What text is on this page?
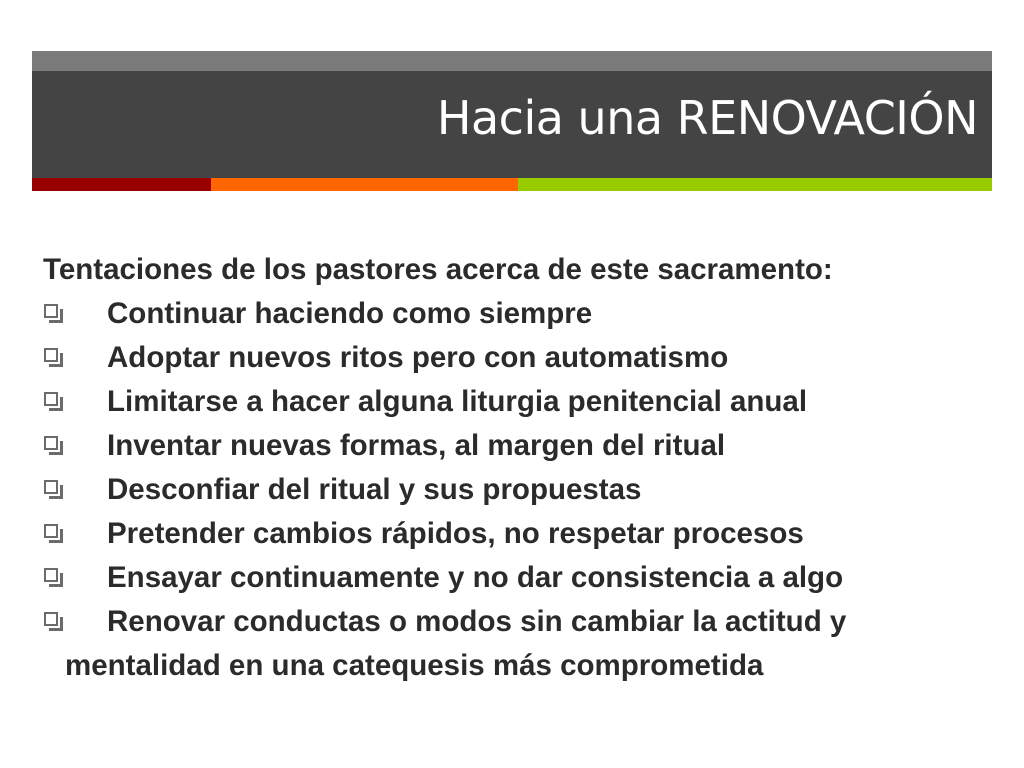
Hacia una RENOVACIÓN

Tentaciones de los pastores acerca de este sacramento:

Continuar haciendo como siempre
Adoptar nuevos ritos pero con automatismo
Limitarse a hacer alguna liturgia penitencial anual
Inventar nuevas formas, al margen del ritual
Desconfiar del ritual y sus propuestas
Pretender cambios rápidos, no respetar procesos
Ensayar continuamente y no dar consistencia a algo
Renovar conductas o modos sin cambiar la actitud y
mentalidad en una catequesis más comprometida
